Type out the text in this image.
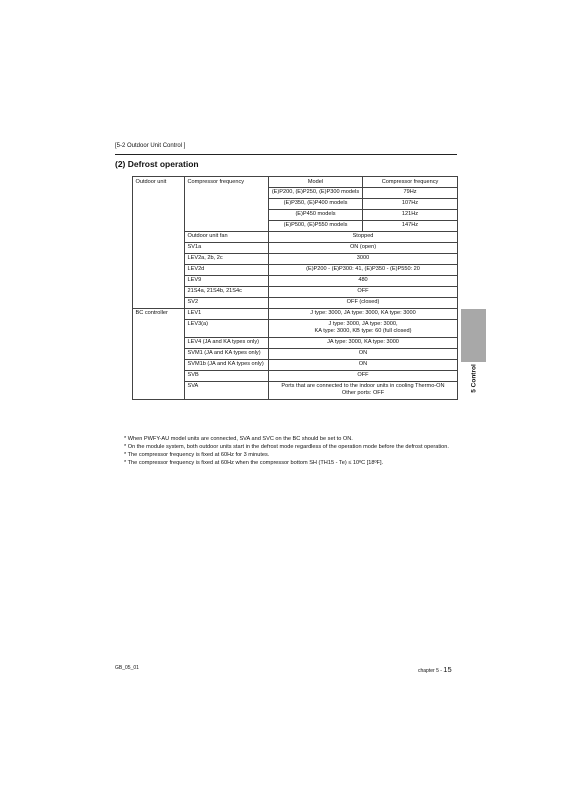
[5-2 Outdoor Unit Control ]
(2) Defrost operation
Outdoor unit	Compressor frequency	Model	Compressor frequency
		(E)P200, (E)P250, (E)P300 models	79Hz
		(E)P350, (E)P400 models	107Hz
		(E)P450 models	121Hz
		(E)P500, (E)P550 models	147Hz
	Outdoor unit fan	Stopped	
	SV1a	ON (open)	
	LEV2a, 2b, 2c	3000	
	LEV2d	(E)P200 - (E)P300: 41, (E)P350 - (E)P550: 20	
	LEV9	480	
	21S4a, 21S4b, 21S4c	OFF	
	SV2	OFF (closed)	
BC controller	LEV1	J type: 3000, JA type: 3000, KA type: 3000	
	LEV3(a)	J type: 3000, JA type: 3000,
KA type: 3000, KB type: 60 (full closed)	
	LEV4 (JA and KA types only)	JA type: 3000, KA type: 3000	
	SVM1 (JA and KA types only)	ON	
	SVM1b (JA and KA types only)	ON	
	SVB	OFF	
	SVA	Ports that are connected to the indoor units in cooling Thermo-ON
Other ports: OFF	
* When PWFY-AU model units are connected, SVA and SVC on the BC should be set to ON.
* On the module system, both outdoor units start in the defrost mode regardless of the operation mode before the defrost operation.
* The compressor frequency is fixed at 60Hz for 3 minutes.
* The compressor frequency is fixed at 60Hz when the compressor bottom SH (TH15 - Te) ≤ 10ºC [18ºF].
5 Control
GB_05_01	chapter 5 - 15
